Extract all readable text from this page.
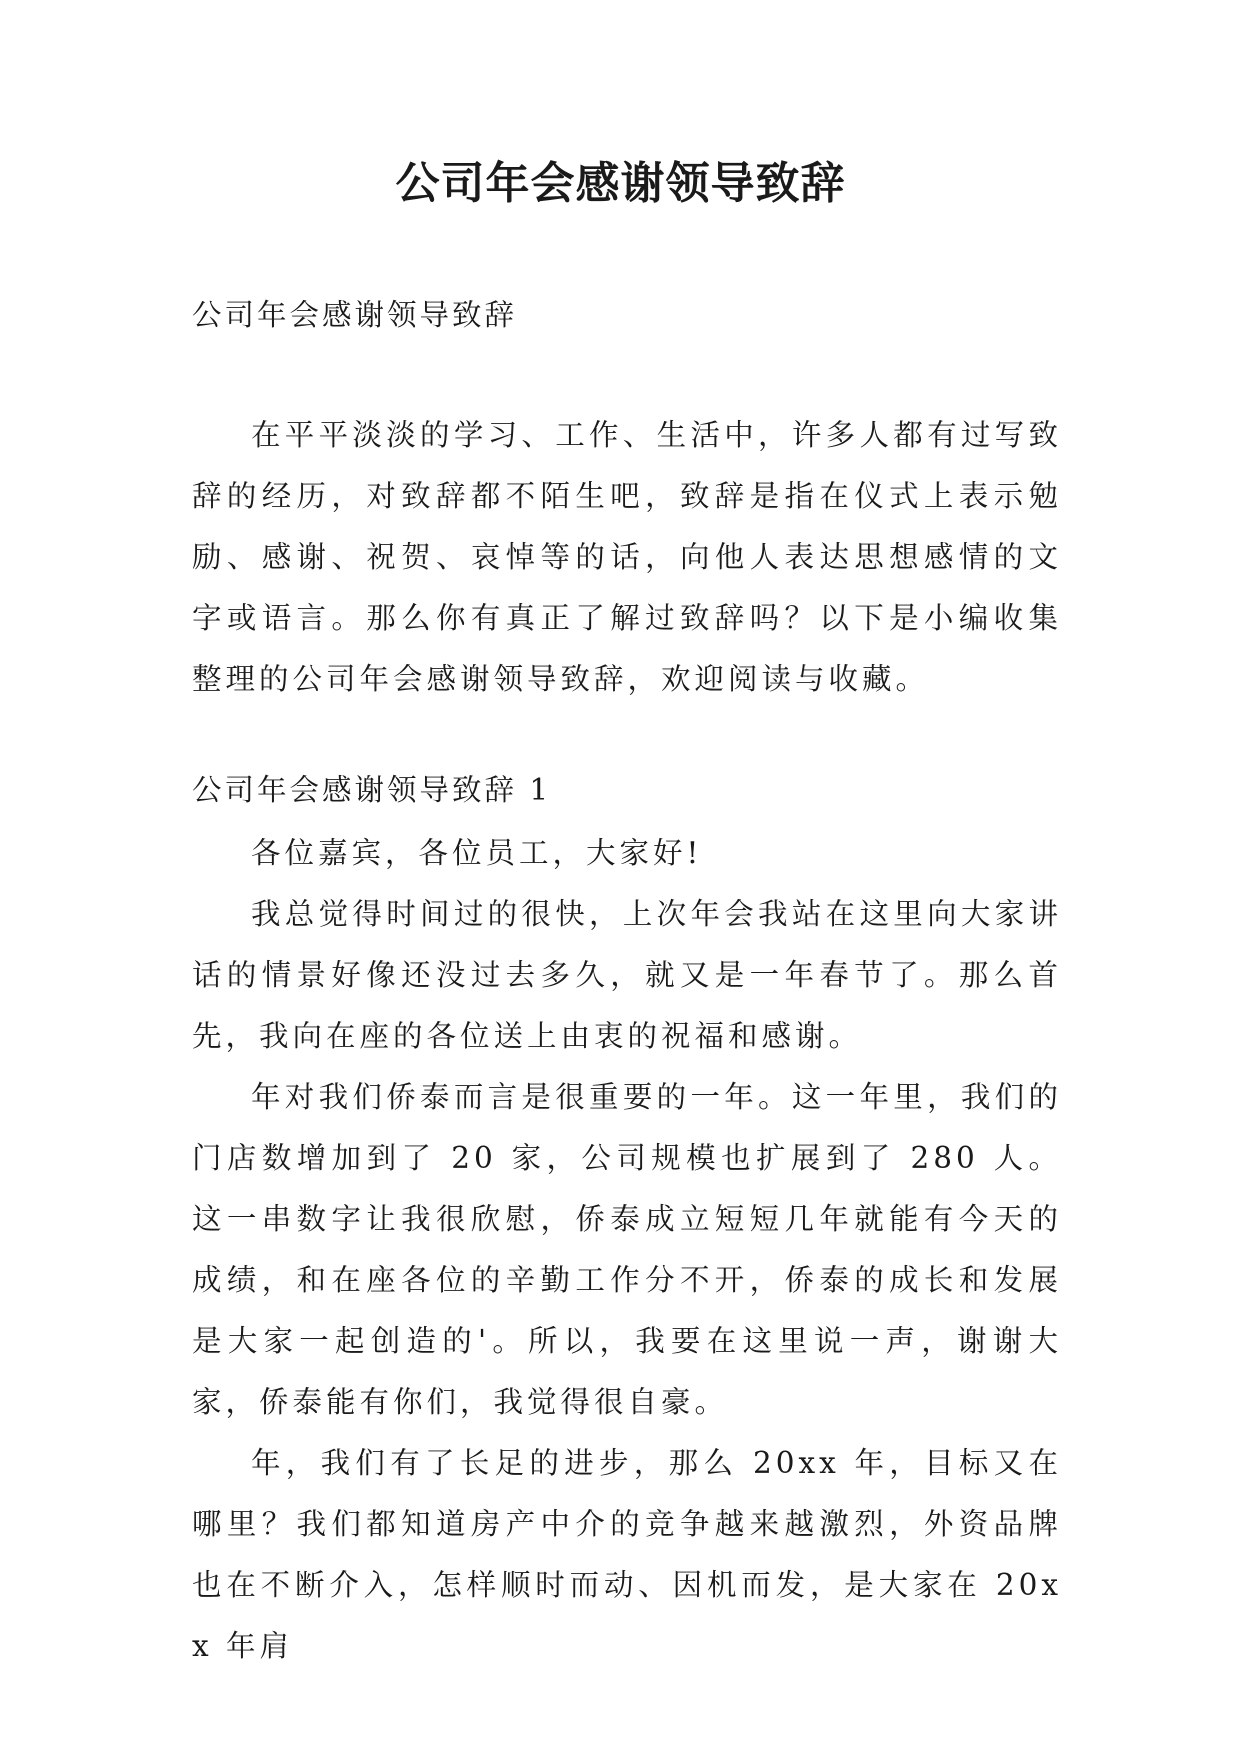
公司年会感谢领导致辞
公司年会感谢领导致辞
在平平淡淡的学习、工作、生活中，许多人都有过写致辞的经历，对致辞都不陌生吧，致辞是指在仪式上表示勉励、感谢、祝贺、哀悼等的话，向他人表达思想感情的文字或语言。那么你有真正了解过致辞吗？以下是小编收集整理的公司年会感谢领导致辞，欢迎阅读与收藏。
公司年会感谢领导致辞 1

各位嘉宾，各位员工，大家好!

我总觉得时间过的很快，上次年会我站在这里向大家讲话的情景好像还没过去多久，就又是一年春节了。那么首先，我向在座的各位送上由衷的祝福和感谢。

年对我们侨泰而言是很重要的一年。这一年里，我们的门店数增加到了 20 家，公司规模也扩展到了 280 人。这一串数字让我很欣慰，侨泰成立短短几年就能有今天的成绩，和在座各位的辛勤工作分不开，侨泰的成长和发展是大家一起创造的'。所以，我要在这里说一声，谢谢大家，侨泰能有你们，我觉得很自豪。

年，我们有了长足的进步，那么 20xx 年，目标又在哪里？我们都知道房产中介的竞争越来越激烈，外资品牌也在不断介入，怎样顺时而动、因机而发，是大家在 20xx 年肩
